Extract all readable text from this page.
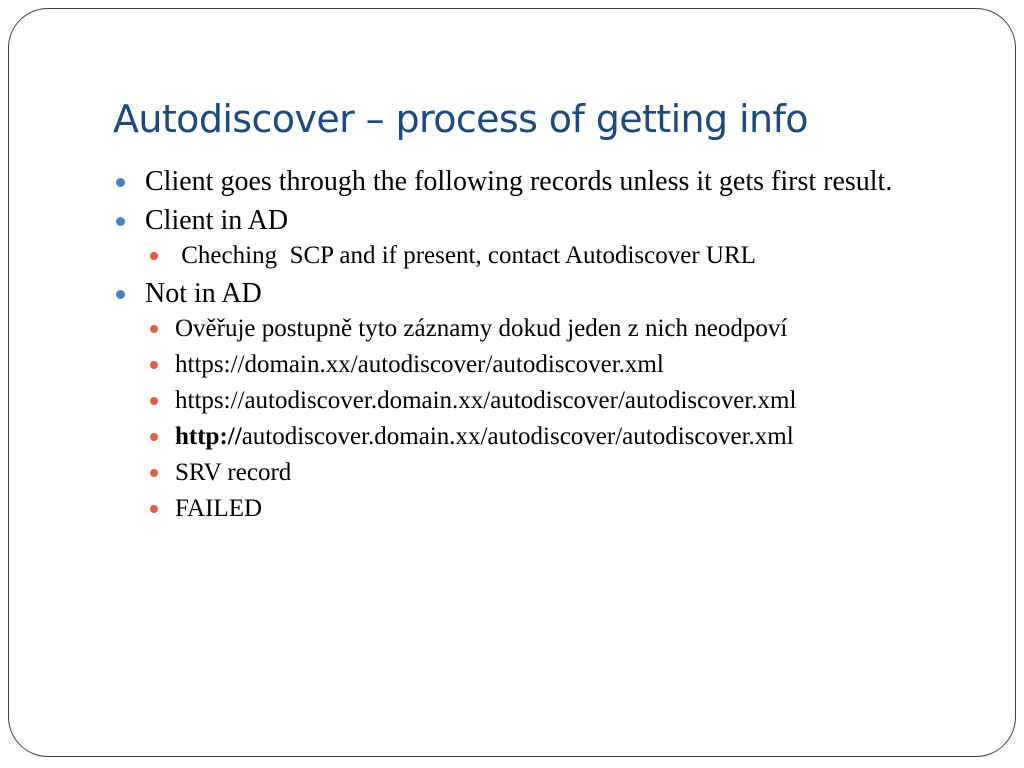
Autodiscover – process of getting info
Client goes through the following records unless it gets first result.
Client in AD
Cheching  SCP and if present, contact Autodiscover URL
Not in AD
Ověřuje postupně tyto záznamy dokud jeden z nich neodpoví
https://domain.xx/autodiscover/autodiscover.xml
https://autodiscover.domain.xx/autodiscover/autodiscover.xml
http://autodiscover.domain.xx/autodiscover/autodiscover.xml
SRV record
FAILED
